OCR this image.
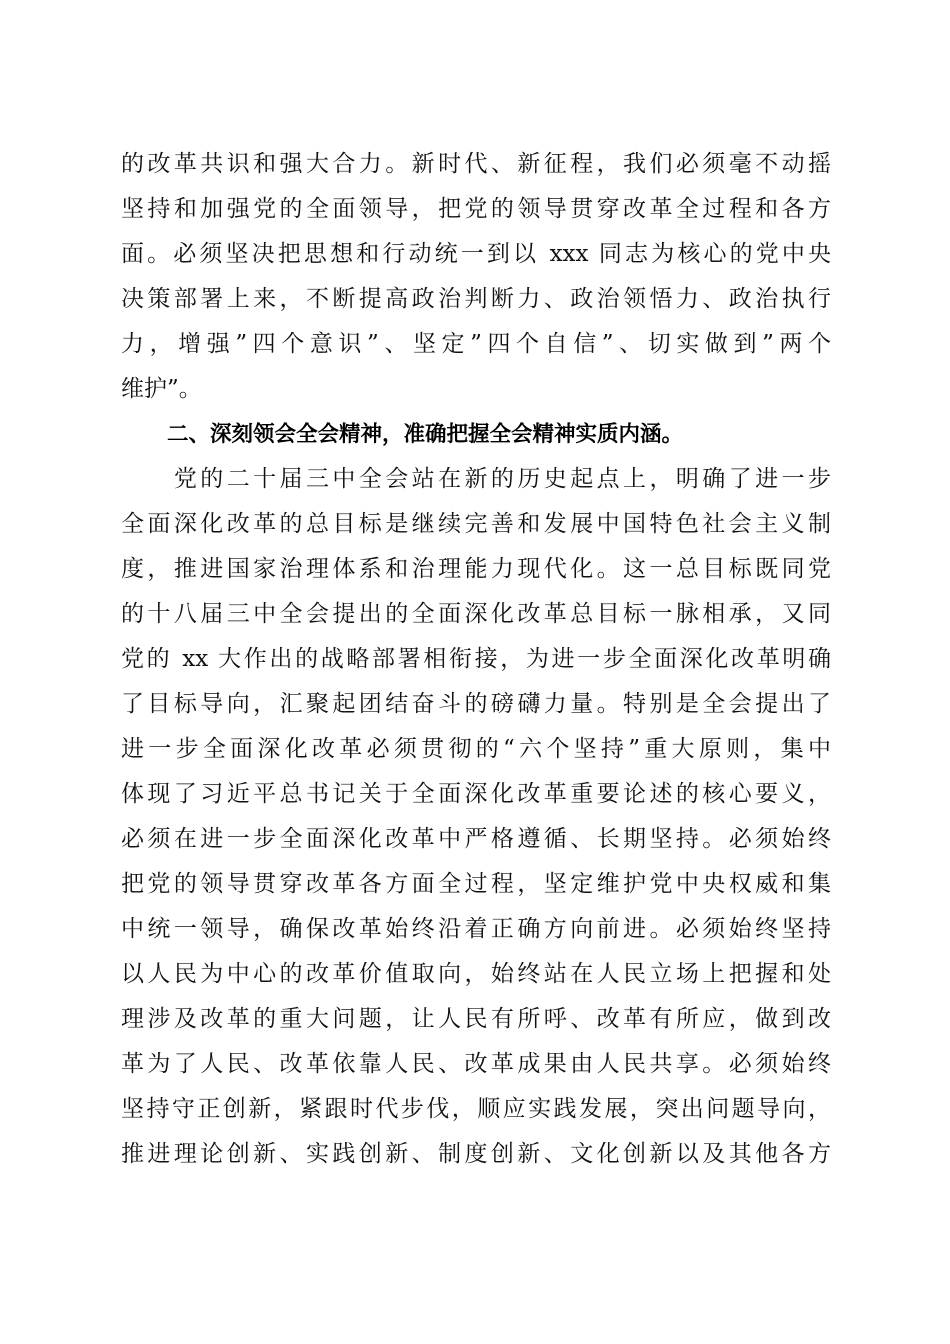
的改革共识和强大合力。新时代、新征程，我们必须毫不动摇
坚持和加强党的全面领导，把党的领导贯穿改革全过程和各方
面。必须坚决把思想和行动统一到以 xxx 同志为核心的党中央
决策部署上来，不断提高政治判断力、政治领悟力、政治执行
力，增强”四个意识”、坚定”四个自信”、切实做到”两个
维护”。
二、深刻领会全会精神，准确把握全会精神实质内涵。
　　党的二十届三中全会站在新的历史起点上，明确了进一步
全面深化改革的总目标是继续完善和发展中国特色社会主义制
度，推进国家治理体系和治理能力现代化。这一总目标既同党
的十八届三中全会提出的全面深化改革总目标一脉相承，又同
党的 xx 大作出的战略部署相衔接，为进一步全面深化改革明确
了目标导向，汇聚起团结奋斗的磅礴力量。特别是全会提出了
进一步全面深化改革必须贯彻的“六个坚持”重大原则，集中
体现了习近平总书记关于全面深化改革重要论述的核心要义，
必须在进一步全面深化改革中严格遵循、长期坚持。必须始终
把党的领导贯穿改革各方面全过程，坚定维护党中央权威和集
中统一领导，确保改革始终沿着正确方向前进。必须始终坚持
以人民为中心的改革价值取向，始终站在人民立场上把握和处
理涉及改革的重大问题，让人民有所呼、改革有所应，做到改
革为了人民、改革依靠人民、改革成果由人民共享。必须始终
坚持守正创新，紧跟时代步伐，顺应实践发展，突出问题导向，
推进理论创新、实践创新、制度创新、文化创新以及其他各方
